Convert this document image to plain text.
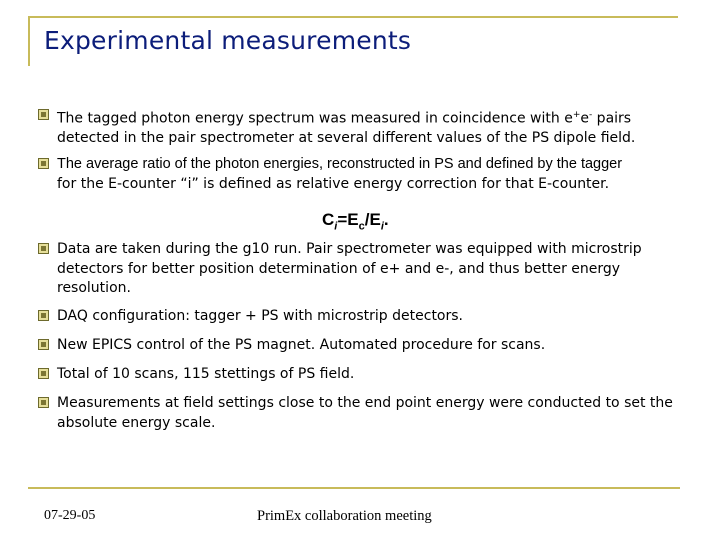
Experimental measurements
The tagged photon energy spectrum was measured in coincidence with e+e- pairs
detected in the pair spectrometer at several different values of the PS dipole field.
The average ratio of the photon energies, reconstructed in PS and defined by the tagger
for the E-counter “i” is defined as relative energy correction for that E-counter.
$C_i=E_c/E_i$.
Data are taken during the g10 run. Pair spectrometer was equipped with microstrip detectors for better position determination of e+ and e-, and thus better energy resolution.
DAQ configuration: tagger + PS with microstrip detectors.
New EPICS control of the PS magnet. Automated procedure for scans.
Total of 10 scans, 115 stettings of PS field.
Measurements at field settings close to the end point energy were conducted to set the absolute energy scale.
07-29-05	PrimEx collaboration meeting
